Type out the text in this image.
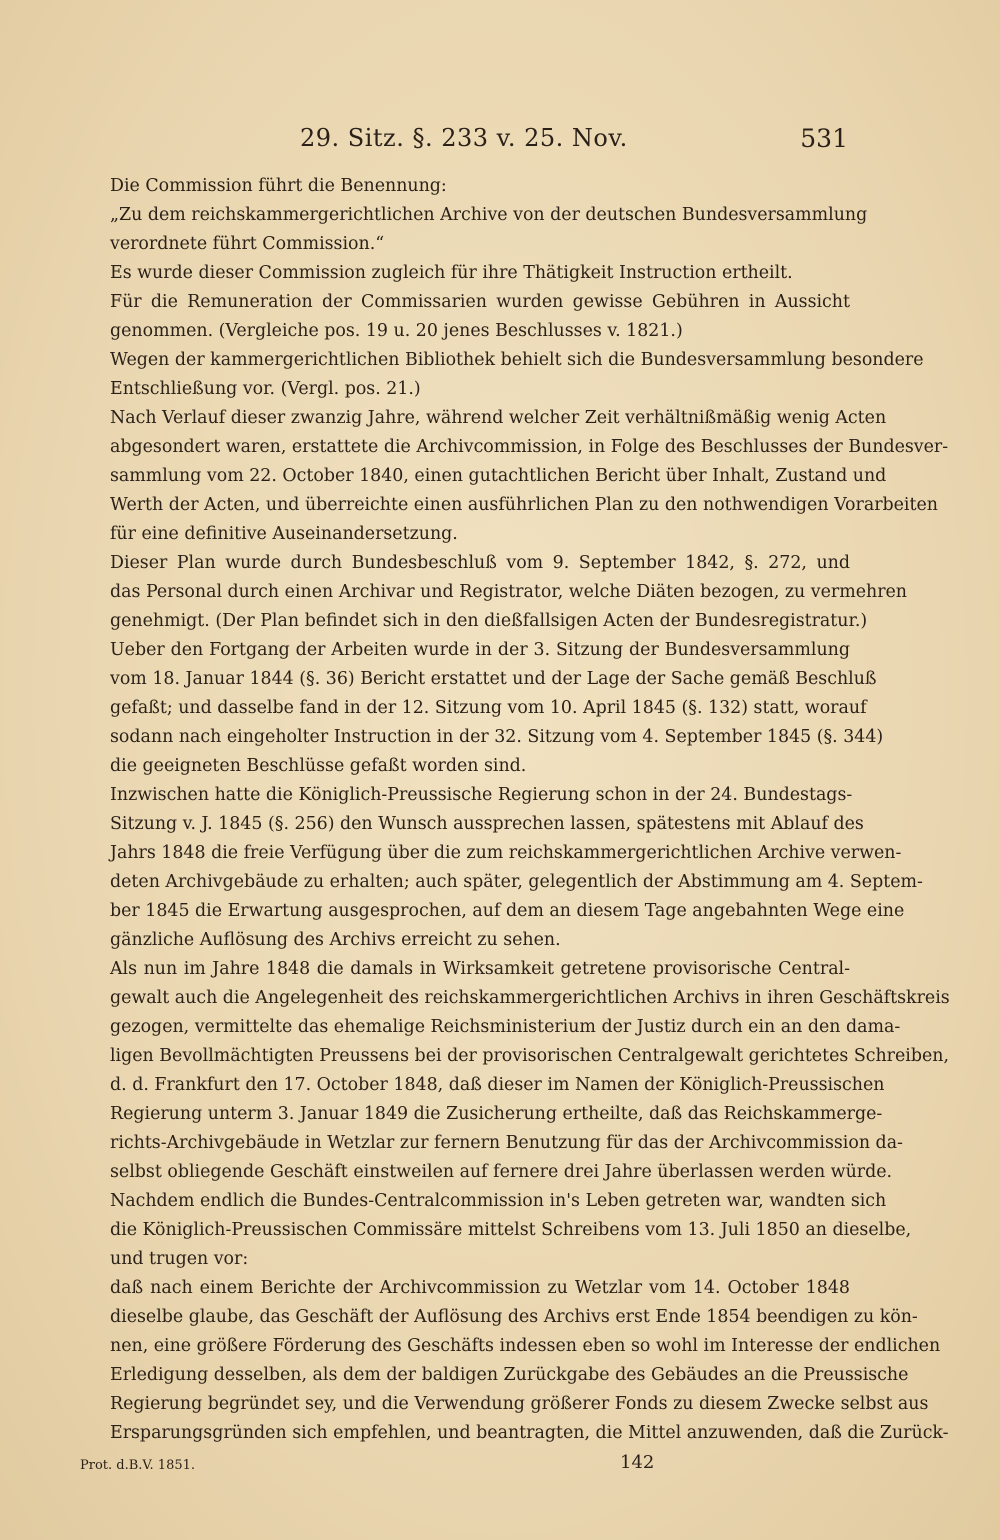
29. Sitz. §. 233 v. 25. Nov.	531
Die Commission führt die Benennung:
„Zu dem reichskammergerichtlichen Archive von der deutschen Bundesversammlung
verordnete führt Commission.“
Es wurde dieser Commission zugleich für ihre Thätigkeit Instruction ertheilt.
Für die Remuneration der Commissarien wurden gewisse Gebühren in Aussicht
genommen. (Vergleiche pos. 19 u. 20 jenes Beschlusses v. 1821.)
Wegen der kammergerichtlichen Bibliothek behielt sich die Bundesversammlung besondere
Entschließung vor. (Vergl. pos. 21.)
Nach Verlauf dieser zwanzig Jahre, während welcher Zeit verhältnißmäßig wenig Acten
abgesondert waren, erstattete die Archivcommission, in Folge des Beschlusses der Bundesver-
sammlung vom 22. October 1840, einen gutachtlichen Bericht über Inhalt, Zustand und
Werth der Acten, und überreichte einen ausführlichen Plan zu den nothwendigen Vorarbeiten
für eine definitive Auseinandersetzung.
Dieser Plan wurde durch Bundesbeschluß vom 9. September 1842, §. 272, und
das Personal durch einen Archivar und Registrator, welche Diäten bezogen, zu vermehren
genehmigt. (Der Plan befindet sich in den dießfallsigen Acten der Bundesregistratur.)
Ueber den Fortgang der Arbeiten wurde in der 3. Sitzung der Bundesversammlung
vom 18. Januar 1844 (§. 36) Bericht erstattet und der Lage der Sache gemäß Beschluß
gefaßt; und dasselbe fand in der 12. Sitzung vom 10. April 1845 (§. 132) statt, worauf
sodann nach eingeholter Instruction in der 32. Sitzung vom 4. September 1845 (§. 344)
die geeigneten Beschlüsse gefaßt worden sind.
Inzwischen hatte die Königlich-Preussische Regierung schon in der 24. Bundestags-
Sitzung v. J. 1845 (§. 256) den Wunsch aussprechen lassen, spätestens mit Ablauf des
Jahrs 1848 die freie Verfügung über die zum reichskammergerichtlichen Archive verwen-
deten Archivgebäude zu erhalten; auch später, gelegentlich der Abstimmung am 4. Septem-
ber 1845 die Erwartung ausgesprochen, auf dem an diesem Tage angebahnten Wege eine
gänzliche Auflösung des Archivs erreicht zu sehen.
Als nun im Jahre 1848 die damals in Wirksamkeit getretene provisorische Central-
gewalt auch die Angelegenheit des reichskammergerichtlichen Archivs in ihren Geschäftskreis
gezogen, vermittelte das ehemalige Reichsministerium der Justiz durch ein an den dama-
ligen Bevollmächtigten Preussens bei der provisorischen Centralgewalt gerichtetes Schreiben,
d. d. Frankfurt den 17. October 1848, daß dieser im Namen der Königlich-Preussischen
Regierung unterm 3. Januar 1849 die Zusicherung ertheilte, daß das Reichskammerge-
richts-Archivgebäude in Wetzlar zur fernern Benutzung für das der Archivcommission da-
selbst obliegende Geschäft einstweilen auf fernere drei Jahre überlassen werden würde.
Nachdem endlich die Bundes-Centralcommission in's Leben getreten war, wandten sich
die Königlich-Preussischen Commissäre mittelst Schreibens vom 13. Juli 1850 an dieselbe,
und trugen vor:
daß nach einem Berichte der Archivcommission zu Wetzlar vom 14. October 1848
dieselbe glaube, das Geschäft der Auflösung des Archivs erst Ende 1854 beendigen zu kön-
nen, eine größere Förderung des Geschäfts indessen eben so wohl im Interesse der endlichen
Erledigung desselben, als dem der baldigen Zurückgabe des Gebäudes an die Preussische
Regierung begründet sey, und die Verwendung größerer Fonds zu diesem Zwecke selbst aus
Ersparungsgründen sich empfehlen, und beantragten, die Mittel anzuwenden, daß die Zurück-
Prot. d.B.V. 1851.	142
